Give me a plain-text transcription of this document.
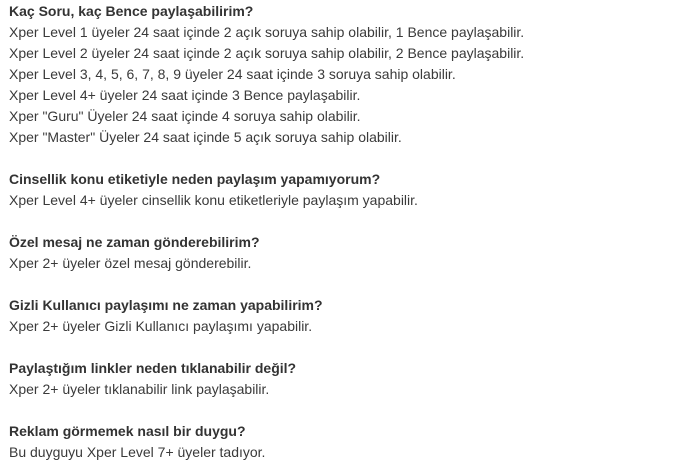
Kaç Soru, kaç Bence paylaşabilirim?
Xper Level 1 üyeler 24 saat içinde 2 açık soruya sahip olabilir, 1 Bence paylaşabilir.
Xper Level 2 üyeler 24 saat içinde 2 açık soruya sahip olabilir, 2 Bence paylaşabilir.
Xper Level 3, 4, 5, 6, 7, 8, 9 üyeler 24 saat içinde 3 soruya sahip olabilir.
Xper Level 4+ üyeler 24 saat içinde 3 Bence paylaşabilir.
Xper "Guru" Üyeler 24 saat içinde 4 soruya sahip olabilir.
Xper "Master" Üyeler 24 saat içinde 5 açık soruya sahip olabilir.
Cinsellik konu etiketiyle neden paylaşım yapamıyorum?
Xper Level 4+ üyeler cinsellik konu etiketleriyle paylaşım yapabilir.
Özel mesaj ne zaman gönderebilirim?
Xper 2+ üyeler özel mesaj gönderebilir.
Gizli Kullanıcı paylaşımı ne zaman yapabilirim?
Xper 2+ üyeler Gizli Kullanıcı paylaşımı yapabilir.
Paylaştığım linkler neden tıklanabilir değil?
Xper 2+ üyeler tıklanabilir link paylaşabilir.
Reklam görmemek nasıl bir duygu?
Bu duyguyu Xper Level 7+ üyeler tadıyor.
